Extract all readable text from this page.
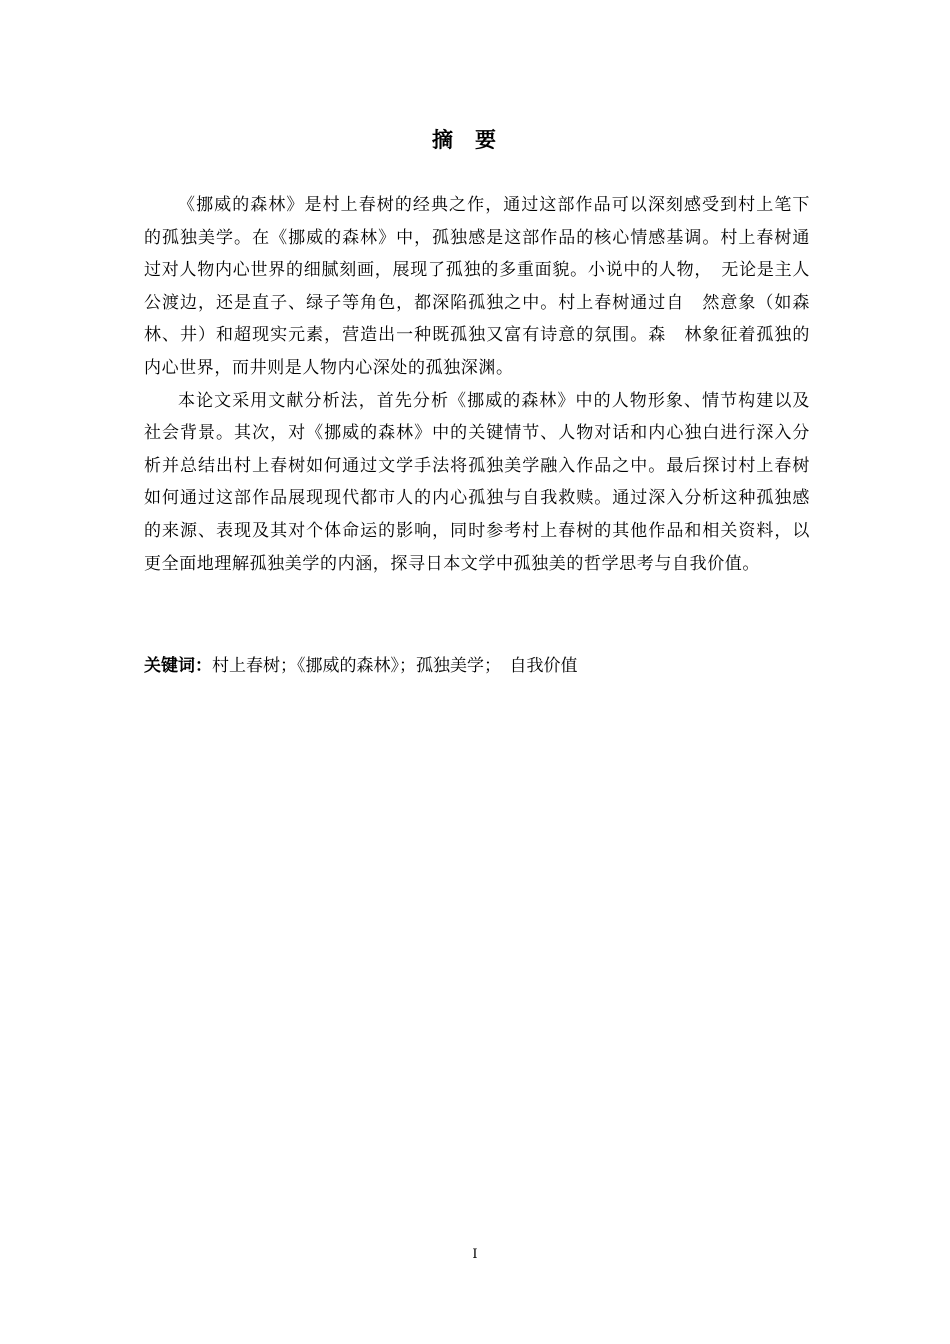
摘要

《挪威的森林》是村上春树的经典之作，通过这部作品可以深刻感受到村上笔下的孤独美学。在《挪威的森林》中，孤独感是这部作品的核心情感基调。村上春树通过对人物内心世界的细腻刻画，展现了孤独的多重面貌。小说中的人物，　无论是主人公渡边，还是直子、绿子等角色，都深陷孤独之中。村上春树通过自　然意象（如森林、井）和超现实元素，营造出一种既孤独又富有诗意的氛围。森　林象征着孤独的内心世界，而井则是人物内心深处的孤独深渊。

本论文采用文献分析法，首先分析《挪威的森林》中的人物形象、情节构建以及社会背景。其次，对《挪威的森林》中的关键情节、人物对话和内心独白进行深入分析并总结出村上春树如何通过文学手法将孤独美学融入作品之中。最后探讨村上春树如何通过这部作品展现现代都市人的内心孤独与自我救赎。通过深入分析这种孤独感的来源、表现及其对个体命运的影响，同时参考村上春树的其他作品和相关资料，以更全面地理解孤独美学的内涵，探寻日本文学中孤独美的哲学思考与自我价值。

关键词：村上春树；《挪威的森林》；孤独美学；　自我价值
I
